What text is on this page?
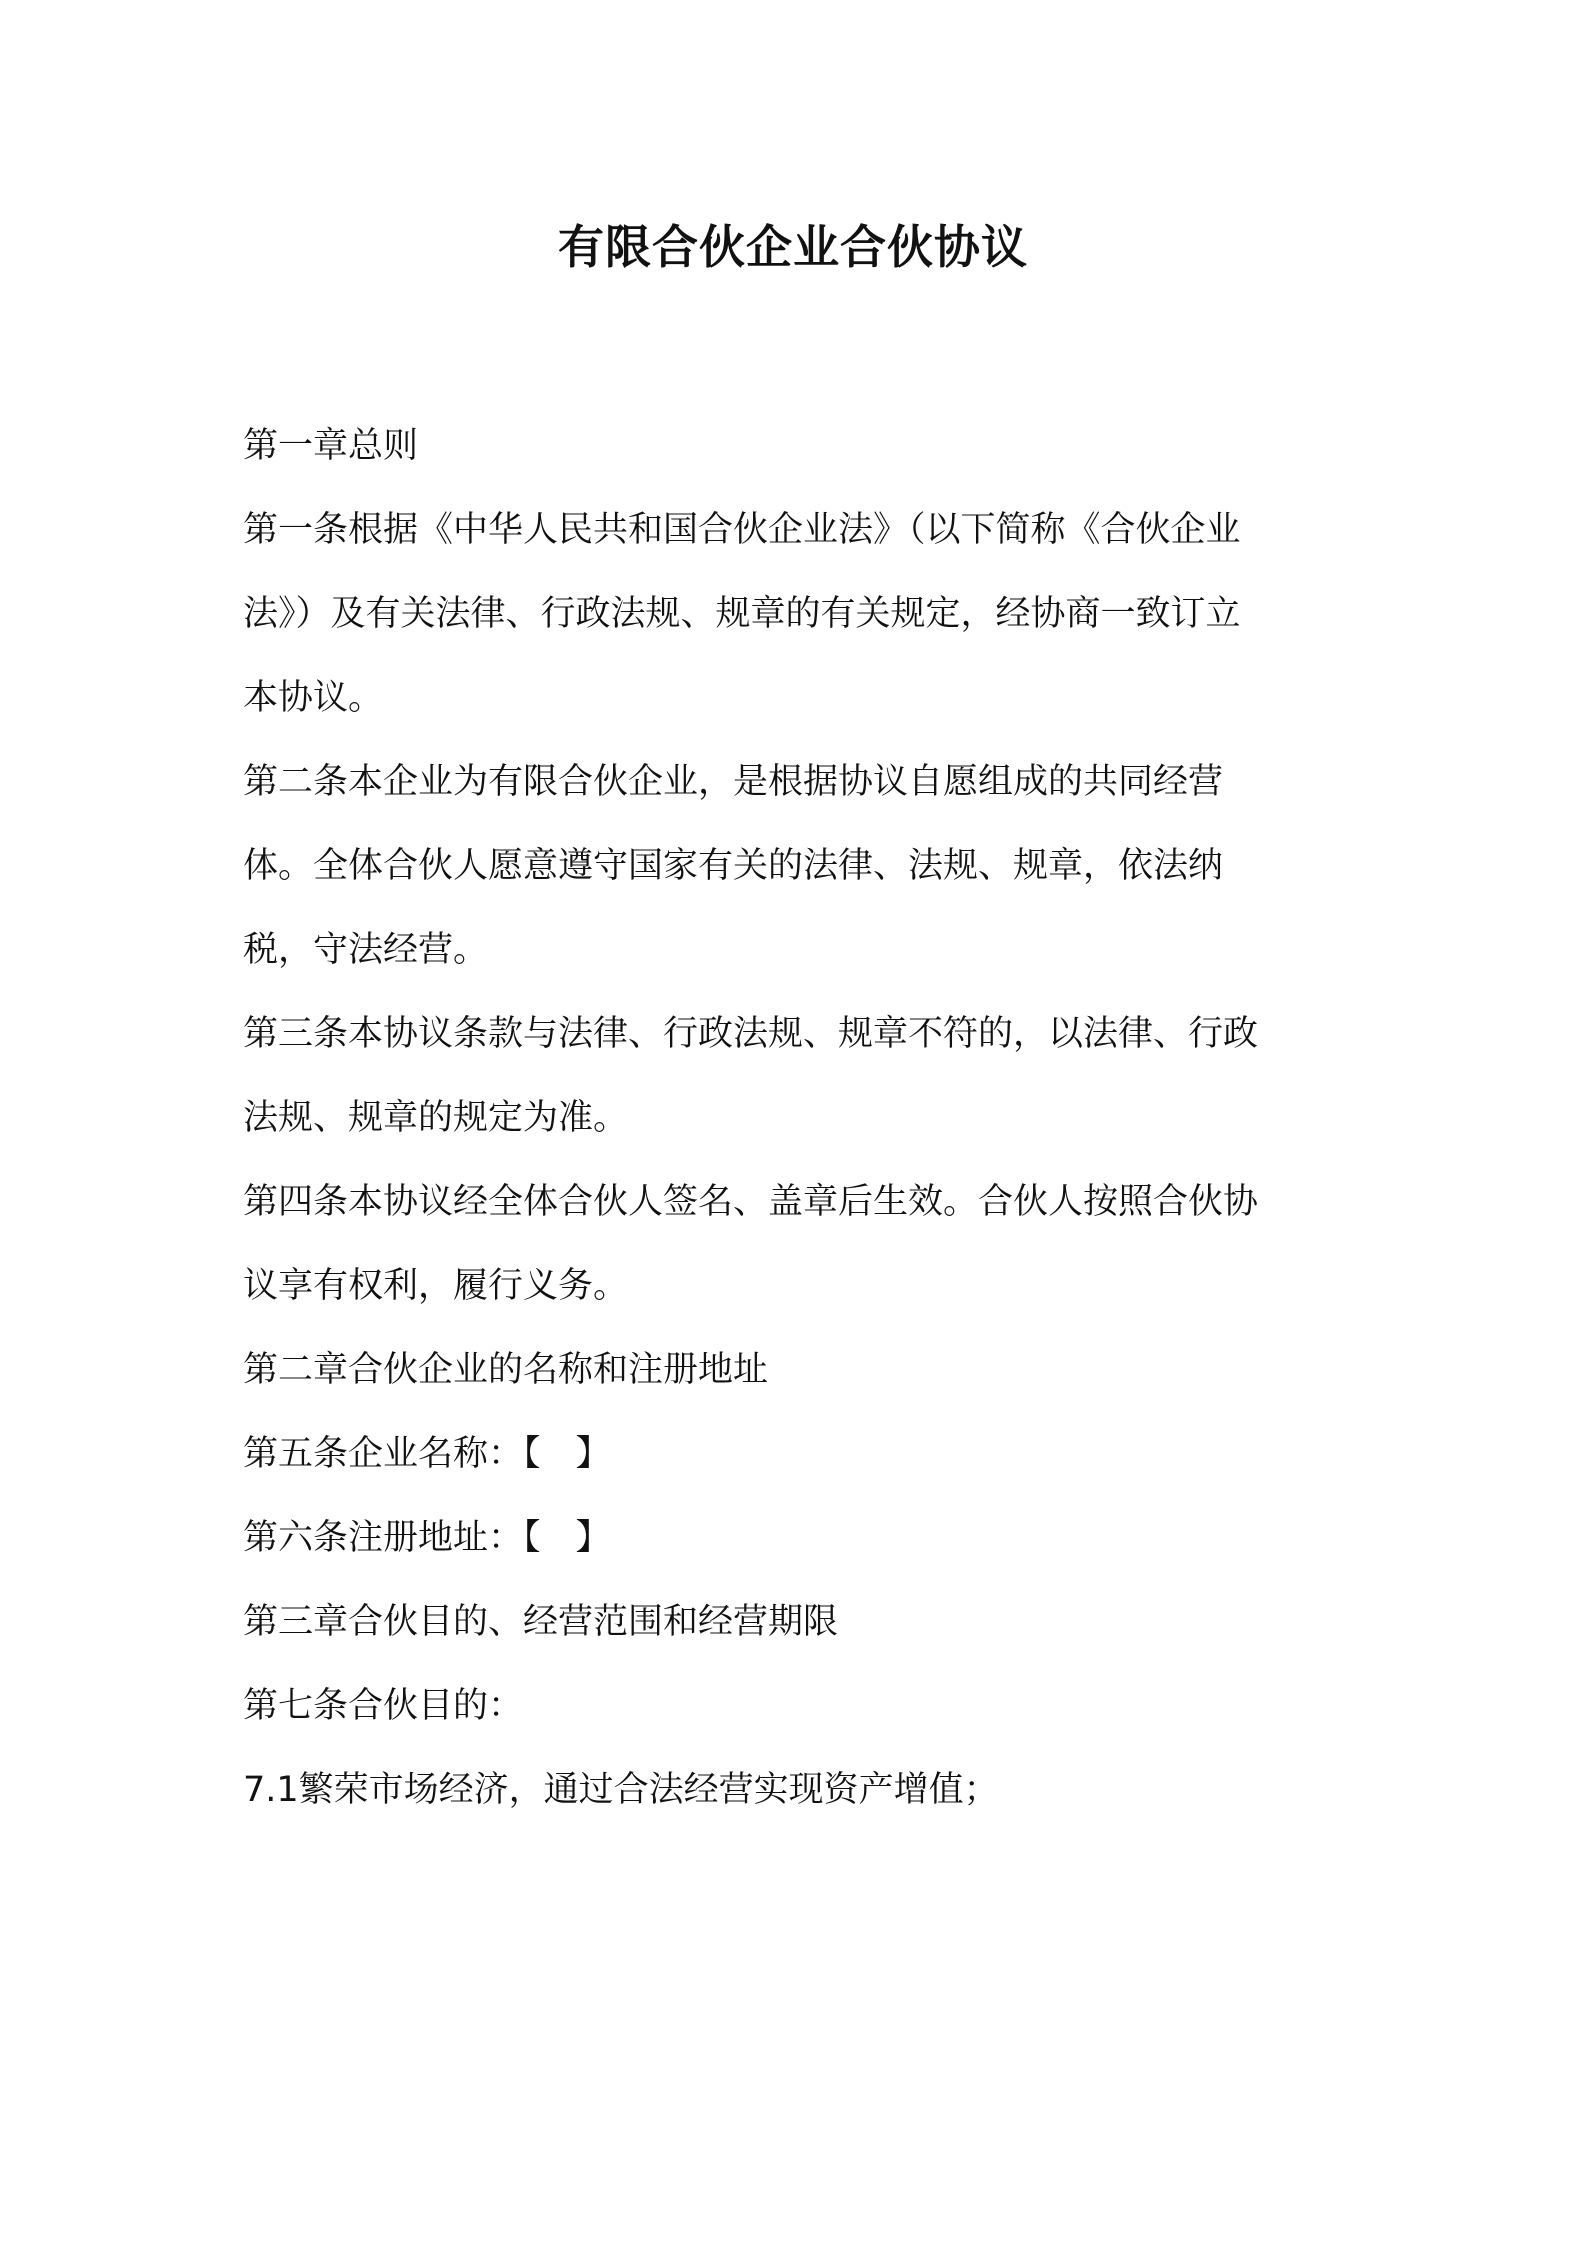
有限合伙企业合伙协议

第一章总则

第一条根据《中华人民共和国合伙企业法》（以下简称《合伙企业

法》）及有关法律、行政法规、规章的有关规定，经协商一致订立

本协议。

第二条本企业为有限合伙企业，是根据协议自愿组成的共同经营

体。全体合伙人愿意遵守国家有关的法律、法规、规章，依法纳

税，守法经营。

第三条本协议条款与法律、行政法规、规章不符的，以法律、行政

法规、规章的规定为准。

第四条本协议经全体合伙人签名、盖章后生效。合伙人按照合伙协

议享有权利，履行义务。

第二章合伙企业的名称和注册地址

第五条企业名称：【　】

第六条注册地址：【　】

第三章合伙目的、经营范围和经营期限

第七条合伙目的：

7.1繁荣市场经济，通过合法经营实现资产增值；
